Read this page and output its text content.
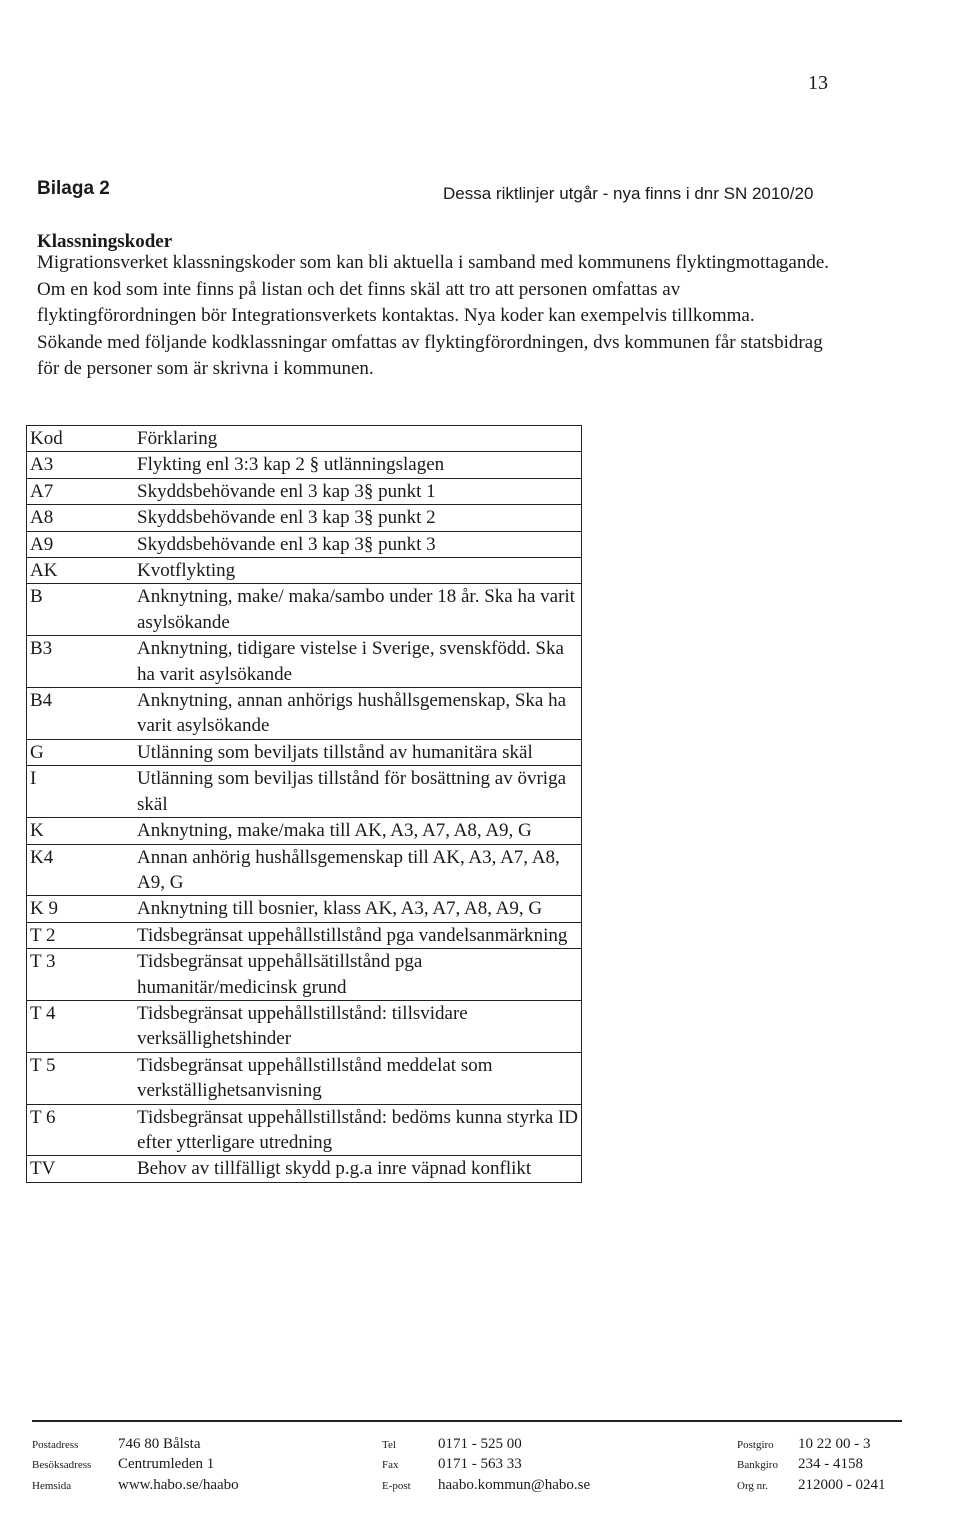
13
Bilaga 2	Dessa riktlinjer utgår - nya finns i dnr SN 2010/20
Klassningskoder

Migrationsverket klassningskoder som kan bli aktuella i samband med kommunens flyktingmottagande. Om en kod som inte finns på listan och det finns skäl att tro att personen omfattas av flyktingförordningen bör Integrationsverkets kontaktas. Nya koder kan exempelvis tillkomma.

Sökande med följande kodklassningar omfattas av flyktingförordningen, dvs kommunen får statsbidrag för de personer som är skrivna i kommunen.

Kod	Förklaring
A3	Flykting enl 3:3 kap 2 § utlänningslagen
A7	Skyddsbehövande enl 3 kap 3§ punkt 1
A8	Skyddsbehövande enl 3 kap 3§ punkt 2
A9	Skyddsbehövande enl 3 kap 3§ punkt 3
AK	Kvotflykting
B	Anknytning, make/ maka/sambo under 18 år. Ska ha varit asylsökande
B3	Anknytning, tidigare vistelse i Sverige, svenskfödd. Ska ha varit asylsökande
B4	Anknytning, annan anhörigs hushållsgemenskap, Ska ha varit asylsökande
G	Utlänning som beviljats tillstånd av humanitära skäl
I	Utlänning som beviljas tillstånd för bosättning av övriga skäl
K	Anknytning, make/maka till AK, A3, A7, A8, A9, G
K4	Annan anhörig hushållsgemenskap till AK, A3, A7, A8, A9, G
K 9	Anknytning till bosnier, klass AK, A3, A7, A8, A9, G
T 2	Tidsbegränsat uppehållstillstånd pga vandelsanmärkning
T 3	Tidsbegränsat uppehållsätillstånd pga humanitär/medicinsk grund
T 4	Tidsbegränsat uppehållstillstånd: tillsvidare verksällighetshinder
T 5	Tidsbegränsat uppehållstillstånd meddelat som verkställighetsanvisning
T 6	Tidsbegränsat uppehållstillstånd: bedöms kunna styrka ID efter ytterligare utredning
TV	Behov av tillfälligt skydd p.g.a inre väpnad konflikt
Postadress	746 80 Bålsta	Tel	0171 - 525 00	Postgiro 10 22 00 - 3
Besöksadress Centrumleden 1	Fax	0171 - 563 33	Bankgiro 234 - 4158
Hemsida	www.habo.se/haabo	E-post haabo.kommun@habo.se	Org nr. 212000 - 0241
